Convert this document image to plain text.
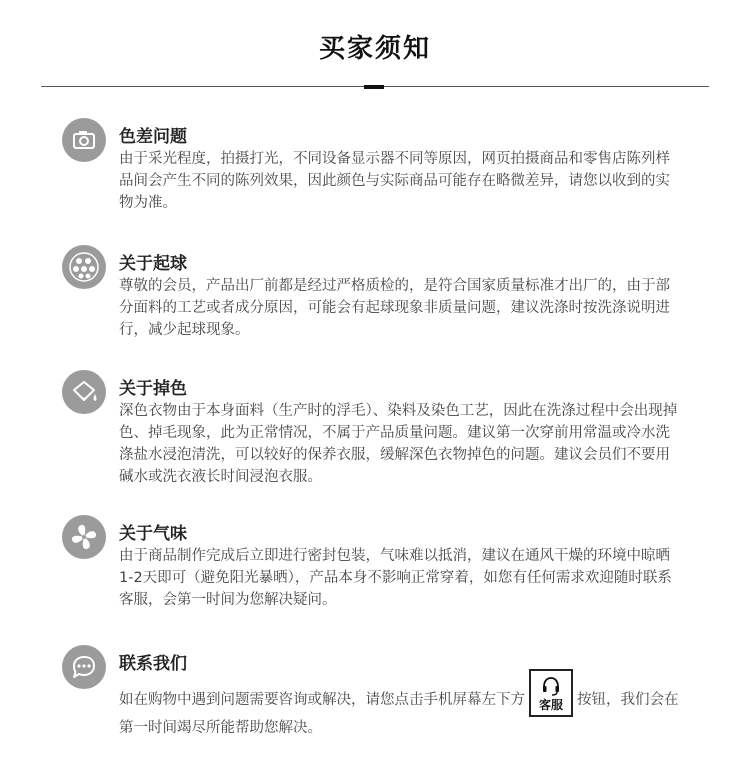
买家须知
色差问题
由于采光程度，拍摄打光，不同设备显示器不同等原因，网页拍摄商品和零售店陈列样品间会产生不同的陈列效果，因此颜色与实际商品可能存在略微差异，请您以收到的实物为准。
关于起球
尊敬的会员，产品出厂前都是经过严格质检的，是符合国家质量标准才出厂的，由于部分面料的工艺或者成分原因，可能会有起球现象非质量问题，建议洗涤时按洗涤说明进行，减少起球现象。
关于掉色
深色衣物由于本身面料（生产时的浮毛）、染料及染色工艺，因此在洗涤过程中会出现掉色、掉毛现象，此为正常情况，不属于产品质量问题。建议第一次穿前用常温或冷水洗涤盐水浸泡清洗，可以较好的保养衣服，缓解深色衣物掉色的问题。建议会员们不要用碱水或洗衣液长时间浸泡衣服。
关于气味
由于商品制作完成后立即进行密封包装，气味难以抵消，建议在通风干燥的环境中晾晒1-2天即可（避免阳光暴晒），产品本身不影响正常穿着，如您有任何需求欢迎随时联系客服，会第一时间为您解决疑问。
联系我们
如在购物中遇到问题需要咨询或解决，请您点击手机屏幕左下方	客服 按钮，我们会在第一时间竭尽所能帮助您解决。
